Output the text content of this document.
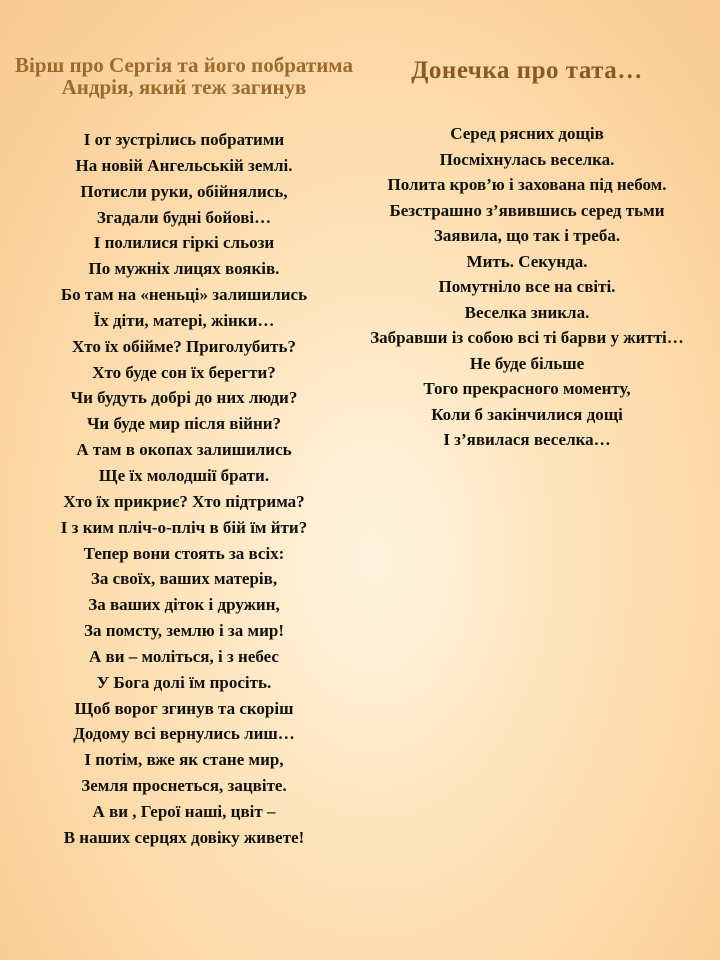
Вірш про Сергія та його побратима Андрія, який теж загинув
І от зустрілись побратими
На новій Ангельській землі.
Потисли руки, обійнялись,
Згадали будні бойові…
І полилися гіркі сльози
По мужніх лицях вояків.
Бо там на «неньці» залишились
Їх діти, матері, жінки…
Хто їх обійме? Приголубить?
Хто буде сон їх берегти?
Чи будуть добрі до них люди?
Чи буде мир після війни?
А там в окопах залишились
Ще їх молодшії брати.
Хто їх прикриє? Хто підтрима?
І з ким пліч-о-пліч в бій їм йти?
Тепер вони стоять за всіх:
За своїх, ваших матерів,
За ваших діток і дружин,
За помсту, землю і за мир!
А ви – моліться, і з небес
У Бога долі їм просіть.
Щоб ворог згинув та скоріш
Додому всі вернулись лиш…
І потім, вже як стане мир,
Земля проснеться, зацвіте.
А ви , Герої наші, цвіт –
В наших серцях довіку живете!
Донечка про тата…
Серед рясних дощів
Посміхнулась веселка.
Полита кров’ю і захована під небом.
Безстрашно з’явившись серед тьми
Заявила, що так і треба.
Мить. Секунда.
Помутніло все на світі.
Веселка зникла.
Забравши із собою всі ті барви у житті…
Не буде більше
Того прекрасного моменту,
Коли б закінчилися дощі
І з’явилася веселка…
